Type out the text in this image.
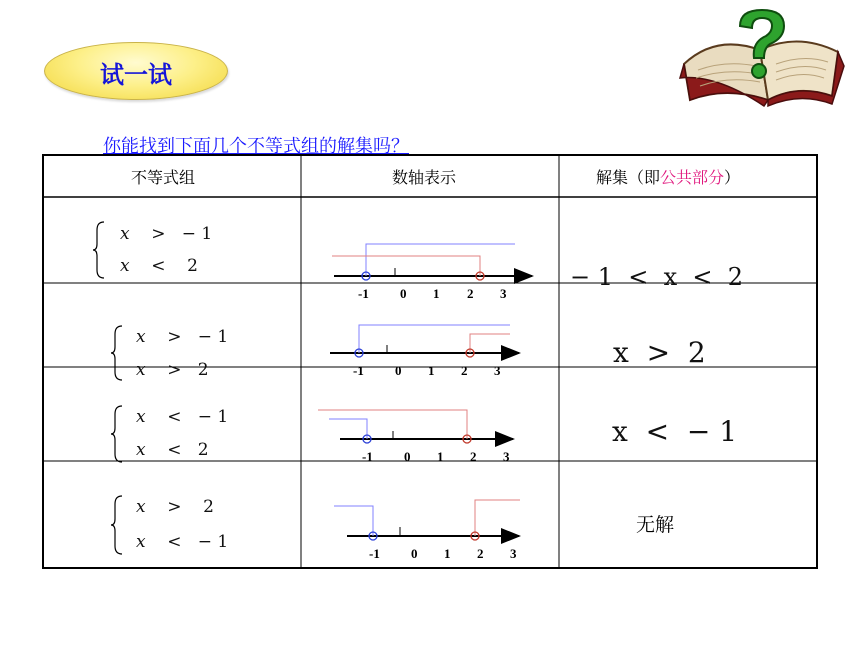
试一试
你能找到下面几个不等式组的解集吗？
不等式组	数轴表示	解集（即公共部分）
x > − 1
x < 2
x > − 1
x > 2
x < − 1
x < 2
x > 2
x < − 1
-1 0 1 2 3
-1 0 1 2 3
-1 0 1 2 3
-1 0 1 2 3
− 1  <  x  <  2
x  >  2
x  <  − 1
无解
